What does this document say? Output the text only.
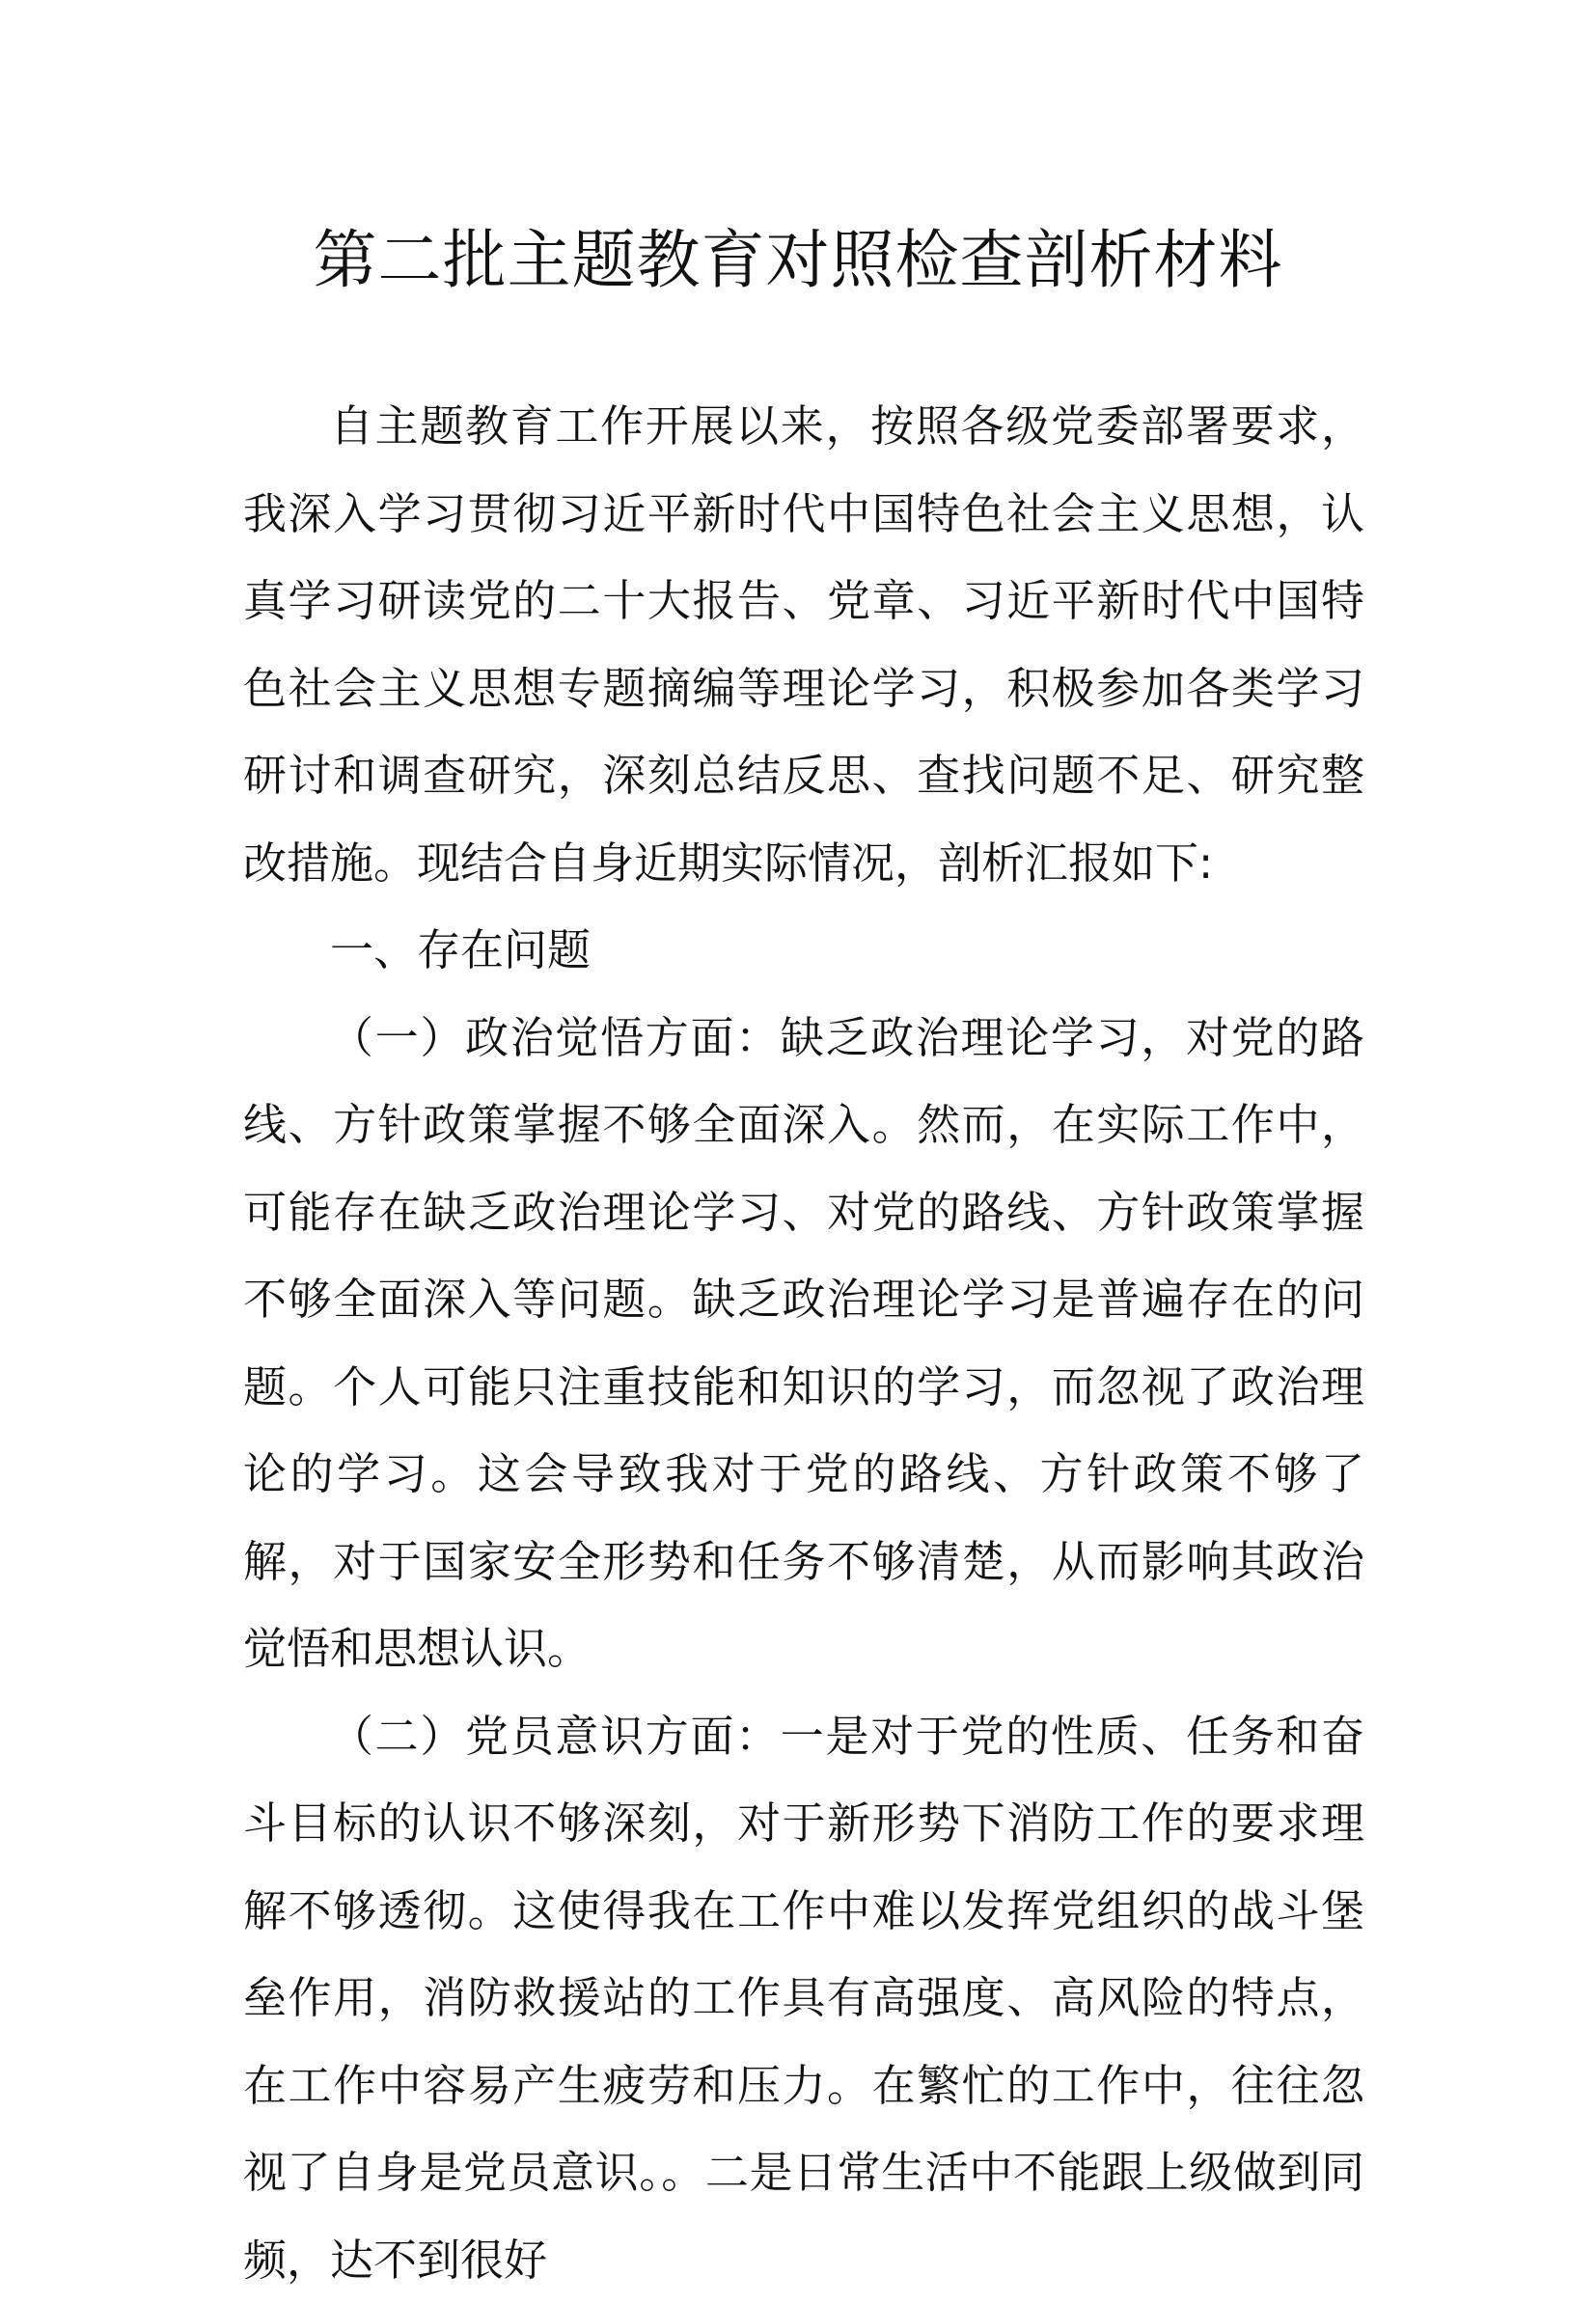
第二批主题教育对照检查剖析材料

自主题教育工作开展以来，按照各级党委部署要求，我深入学习贯彻习近平新时代中国特色社会主义思想，认真学习研读党的二十大报告、党章、习近平新时代中国特色社会主义思想专题摘编等理论学习，积极参加各类学习研讨和调查研究，深刻总结反思、查找问题不足、研究整改措施。现结合自身近期实际情况，剖析汇报如下:

一、存在问题

（一）政治觉悟方面：缺乏政治理论学习，对党的路线、方针政策掌握不够全面深入。然而，在实际工作中，可能存在缺乏政治理论学习、对党的路线、方针政策掌握不够全面深入等问题。缺乏政治理论学习是普遍存在的问题。个人可能只注重技能和知识的学习，而忽视了政治理论的学习。这会导致我对于党的路线、方针政策不够了解，对于国家安全形势和任务不够清楚，从而影响其政治觉悟和思想认识。

（二）党员意识方面：一是对于党的性质、任务和奋斗目标的认识不够深刻，对于新形势下消防工作的要求理解不够透彻。这使得我在工作中难以发挥党组织的战斗堡垒作用，消防救援站的工作具有高强度、高风险的特点，在工作中容易产生疲劳和压力。在繁忙的工作中，往往忽视了自身是党员意识。。二是日常生活中不能跟上级做到同频，达不到很好
